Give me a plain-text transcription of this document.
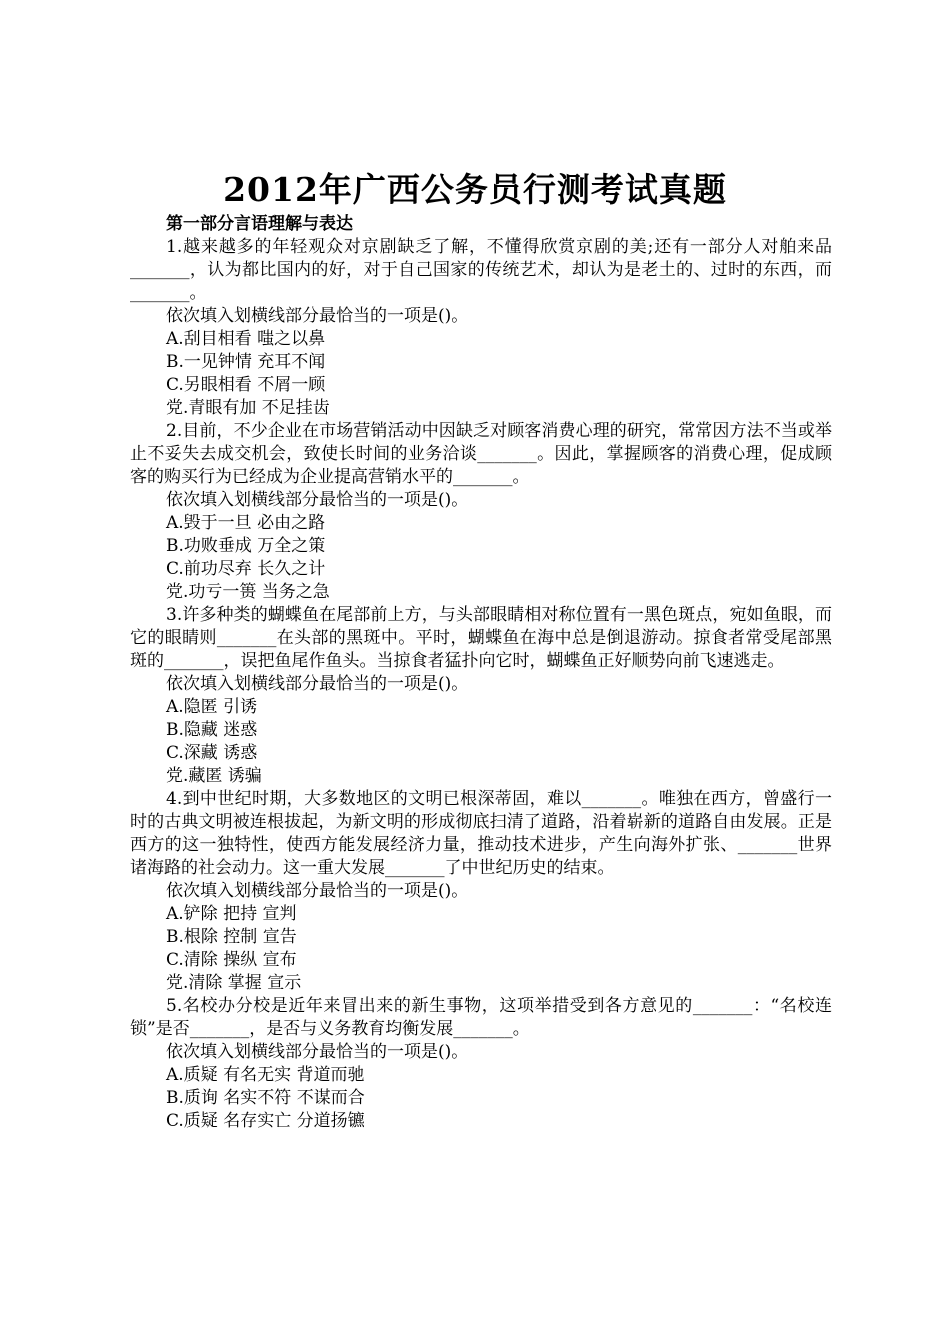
2012年广西公务员行测考试真题

第一部分言语理解与表达

1.越来越多的年轻观众对京剧缺乏了解，不懂得欣赏京剧的美;还有一部分人对舶来品_______，认为都比国内的好，对于自己国家的传统艺术，却认为是老土的、过时的东西，而_______。

依次填入划横线部分最恰当的一项是()。

A.刮目相看 嗤之以鼻

B.一见钟情 充耳不闻

C.另眼相看 不屑一顾

党.青眼有加 不足挂齿

2.目前，不少企业在市场营销活动中因缺乏对顾客消费心理的研究，常常因方法不当或举止不妥失去成交机会，致使长时间的业务洽谈_______。因此，掌握顾客的消费心理，促成顾客的购买行为已经成为企业提高营销水平的_______。

依次填入划横线部分最恰当的一项是()。

A.毁于一旦 必由之路

B.功败垂成 万全之策

C.前功尽弃 长久之计

党.功亏一篑 当务之急

3.许多种类的蝴蝶鱼在尾部前上方，与头部眼睛相对称位置有一黑色斑点，宛如鱼眼，而它的眼睛则_______在头部的黑斑中。平时，蝴蝶鱼在海中总是倒退游动。掠食者常受尾部黑斑的_______，误把鱼尾作鱼头。当掠食者猛扑向它时，蝴蝶鱼正好顺势向前飞速逃走。

依次填入划横线部分最恰当的一项是()。

A.隐匿 引诱

B.隐藏 迷惑

C.深藏 诱惑

党.藏匿 诱骗

4.到中世纪时期，大多数地区的文明已根深蒂固，难以_______。唯独在西方，曾盛行一时的古典文明被连根拔起，为新文明的形成彻底扫清了道路，沿着崭新的道路自由发展。正是西方的这一独特性，使西方能发展经济力量，推动技术进步，产生向海外扩张、_______世界诸海路的社会动力。这一重大发展_______了中世纪历史的结束。

依次填入划横线部分最恰当的一项是()。

A.铲除 把持 宣判

B.根除 控制 宣告

C.清除 操纵 宣布

党.清除 掌握 宣示

5.名校办分校是近年来冒出来的新生事物，这项举措受到各方意见的_______：“名校连锁”是否_______，是否与义务教育均衡发展_______。

依次填入划横线部分最恰当的一项是()。

A.质疑 有名无实 背道而驰

B.质询 名实不符 不谋而合

C.质疑 名存实亡 分道扬镳
